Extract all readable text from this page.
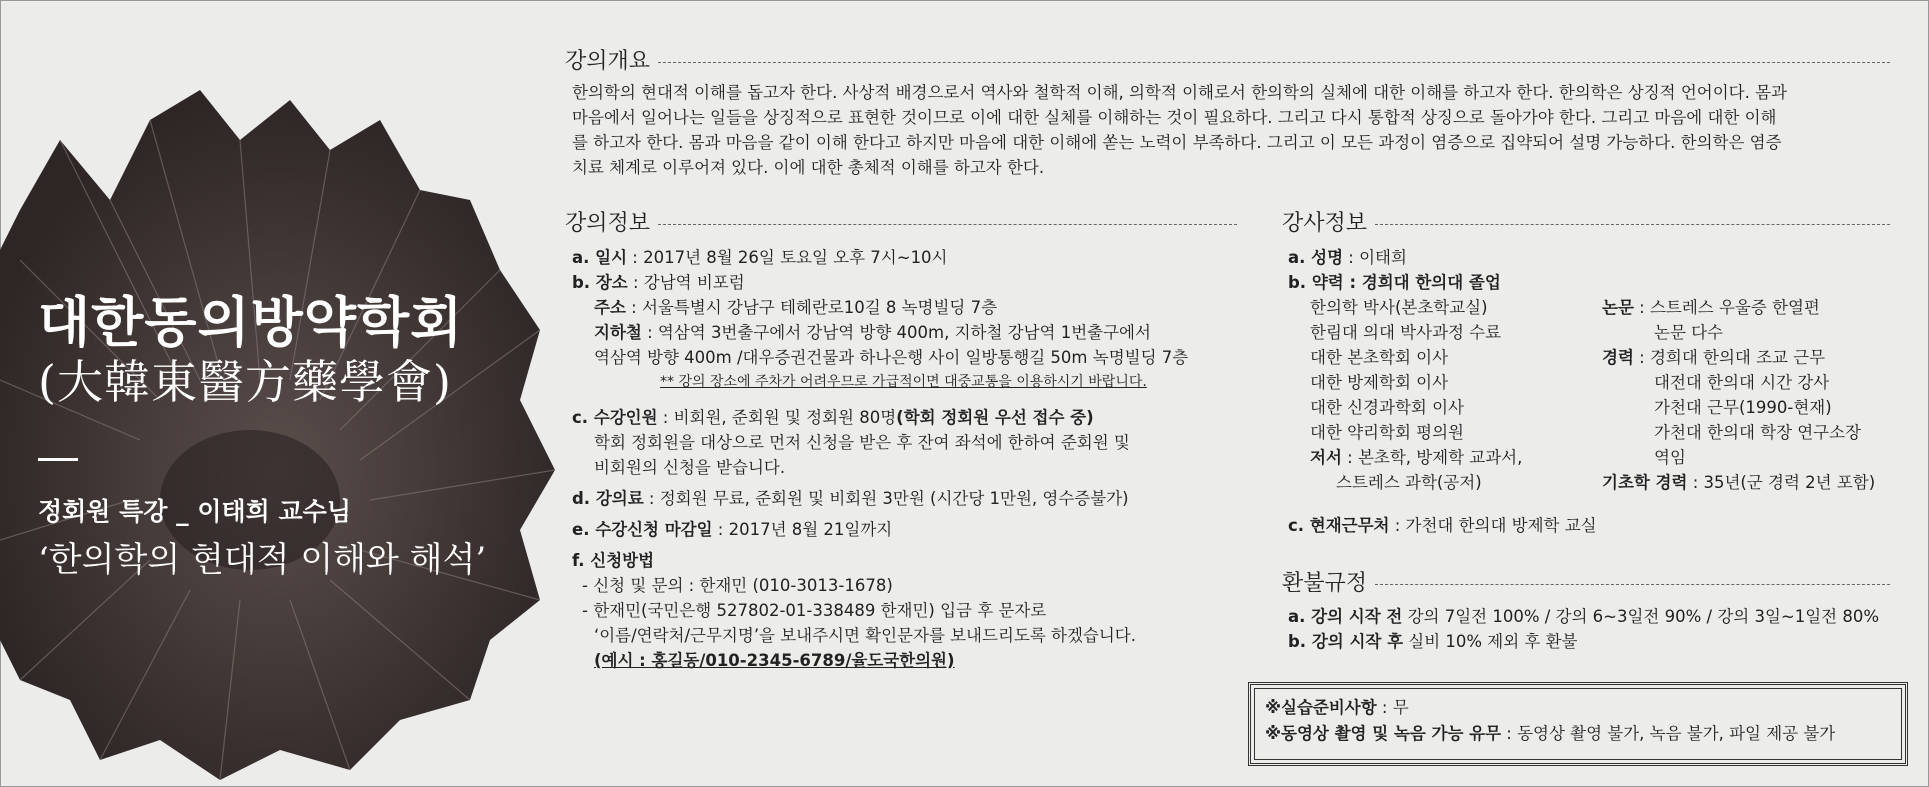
대한동의방약학회
(大韓東醫方藥學會)
정회원 특강 _ 이태희 교수님
‘한의학의 현대적 이해와 해석’
강의개요
한의학의 현대적 이해를 돕고자 한다. 사상적 배경으로서 역사와 철학적 이해, 의학적 이해로서 한의학의 실체에 대한 이해를 하고자 한다. 한의학은 상징적 언어이다. 몸과
마음에서 일어나는 일들을 상징적으로 표현한 것이므로 이에 대한 실체를 이해하는 것이 필요하다. 그리고 다시 통합적 상징으로 돌아가야 한다. 그리고 마음에 대한 이해
를 하고자 한다. 몸과 마음을 같이 이해 한다고 하지만 마음에 대한 이해에 쏟는 노력이 부족하다. 그리고 이 모든 과정이 염증으로 집약되어 설명 가능하다. 한의학은 염증
치료 체계로 이루어져 있다. 이에 대한 총체적 이해를 하고자 한다.
강의정보
a. 일시 : 2017년 8월 26일 토요일 오후 7시~10시
b. 장소 : 강남역 비포럼
주소 : 서울특별시 강남구 테헤란로10길 8 녹명빌딩 7층
지하철 : 역삼역 3번출구에서 강남역 방향 400m, 지하철 강남역 1번출구에서
역삼역 방향 400m /대우증권건물과 하나은행 사이 일방통행길 50m 녹명빌딩 7층
** 강의 장소에 주차가 어려우므로 가급적이면 대중교통을 이용하시기 바랍니다.
c. 수강인원 : 비회원, 준회원 및 정회원 80명(학회 정회원 우선 접수 중)
학회 정회원을 대상으로 먼저 신청을 받은 후 잔여 좌석에 한하여 준회원 및
비회원의 신청을 받습니다.
d. 강의료 : 정회원 무료, 준회원 및 비회원 3만원 (시간당 1만원, 영수증불가)
e. 수강신청 마감일 : 2017년 8월 21일까지
f. 신청방법
- 신청 및 문의 : 한재민 (010-3013-1678)
- 한재민(국민은행 527802-01-338489 한재민) 입금 후 문자로
‘이름/연락처/근무지명’을 보내주시면 확인문자를 보내드리도록 하겠습니다.
(예시 : 홍길동/010-2345-6789/율도국한의원)
강사정보
a. 성명 : 이태희
b. 약력 : 경희대 한의대 졸업
한의학 박사(본초학교실)
한림대 의대 박사과정 수료
대한 본초학회 이사
대한 방제학회 이사
대한 신경과학회 이사
대한 약리학회 평의원
저서 : 본초학, 방제학 교과서,
스트레스 과학(공저)
논문 : 스트레스 우울증 한열편
논문 다수
경력 : 경희대 한의대 조교 근무
대전대 한의대 시간 강사
가천대 근무(1990-현재)
가천대 한의대 학장 연구소장
역임
기초학 경력 : 35년(군 경력 2년 포함)
c. 현재근무처 : 가천대 한의대 방제학 교실
환불규정
a. 강의 시작 전 강의 7일전 100% / 강의 6~3일전 90% / 강의 3일~1일전 80%
b. 강의 시작 후 실비 10% 제외 후 환불
※실습준비사항 : 무
※동영상 촬영 및 녹음 가능 유무 : 동영상 촬영 불가, 녹음 불가, 파일 제공 불가
